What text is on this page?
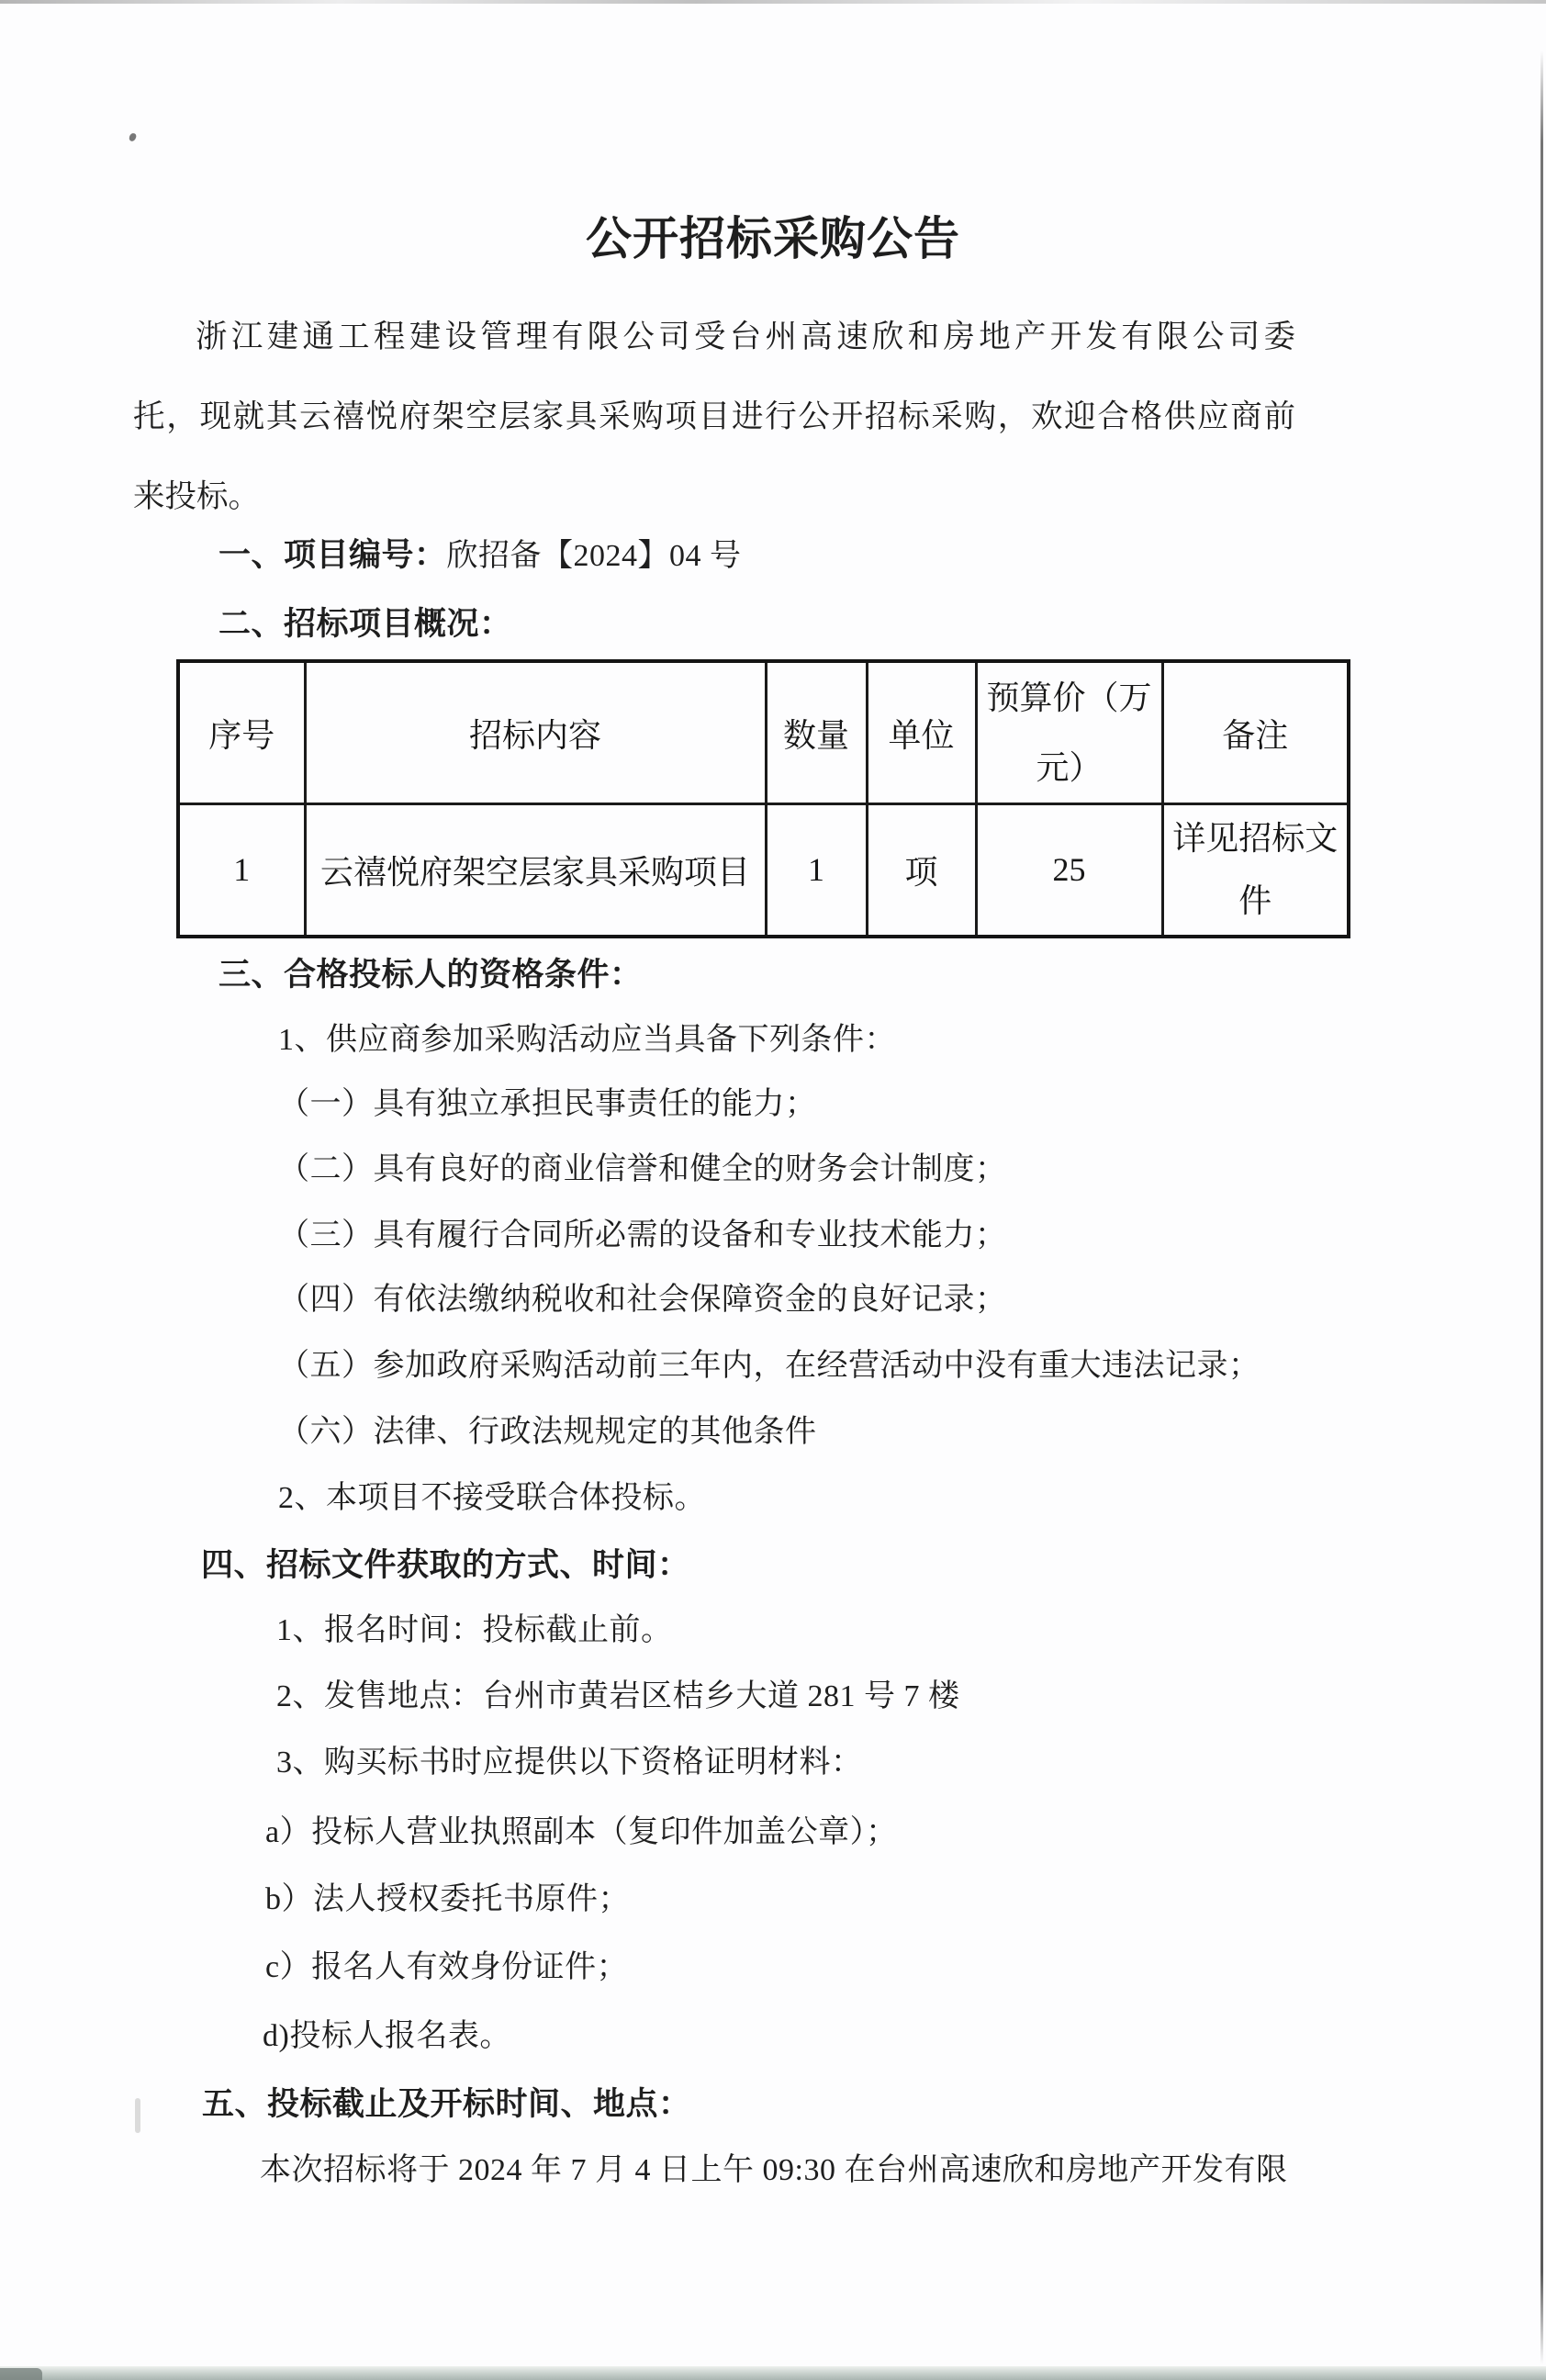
公开招标采购公告
浙江建通工程建设管理有限公司受台州高速欣和房地产开发有限公司委
托，现就其云禧悦府架空层家具采购项目进行公开招标采购，欢迎合格供应商前
来投标。
一、项目编号：欣招备【2024】04 号
二、招标项目概况：
序号	招标内容	数量	单位	预算价（万元）	备注
1	云禧悦府架空层家具采购项目	1	项	25	详见招标文件
三、合格投标人的资格条件：
1、供应商参加采购活动应当具备下列条件：
（一）具有独立承担民事责任的能力；
（二）具有良好的商业信誉和健全的财务会计制度；
（三）具有履行合同所必需的设备和专业技术能力；
（四）有依法缴纳税收和社会保障资金的良好记录；
（五）参加政府采购活动前三年内，在经营活动中没有重大违法记录；
（六）法律、行政法规规定的其他条件
2、本项目不接受联合体投标。
四、招标文件获取的方式、时间：
1、报名时间：投标截止前。
2、发售地点：台州市黄岩区桔乡大道 281 号 7 楼
3、购买标书时应提供以下资格证明材料：
a）投标人营业执照副本（复印件加盖公章）；
b）法人授权委托书原件；
c）报名人有效身份证件；
d)投标人报名表。
五、投标截止及开标时间、地点：
本次招标将于 2024 年 7 月 4 日上午 09:30 在台州高速欣和房地产开发有限
